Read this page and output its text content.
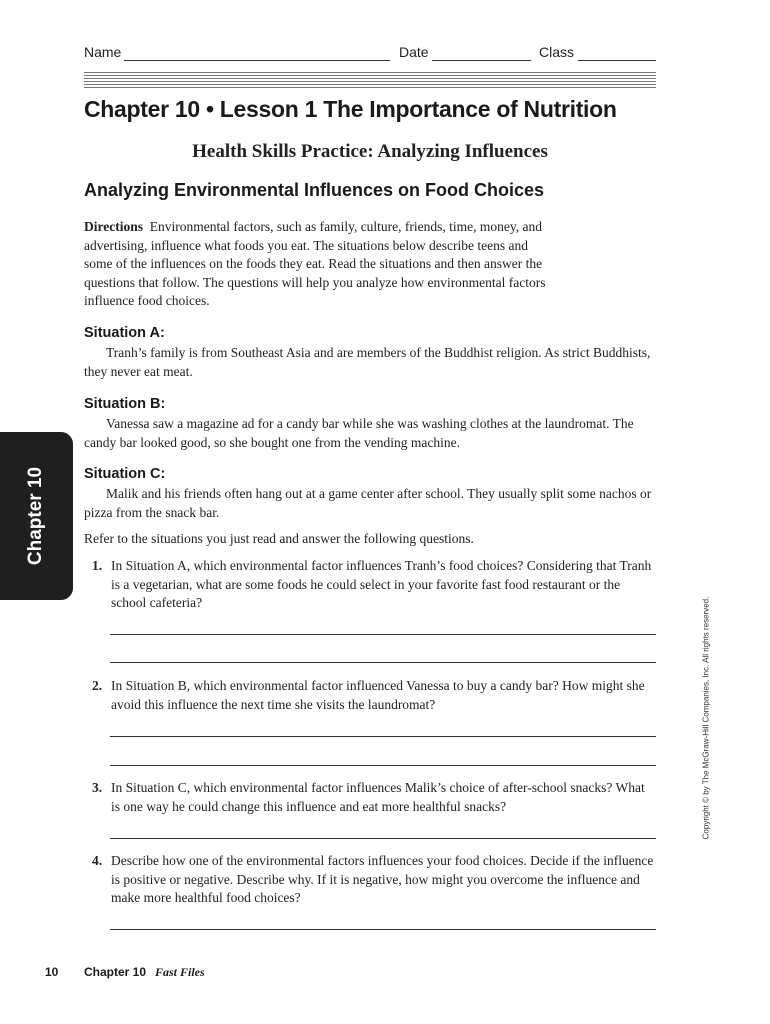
Name	Date	Class
Chapter 10 • Lesson 1 The Importance of Nutrition
Health Skills Practice: Analyzing Influences
Analyzing Environmental Influences on Food Choices
Directions Environmental factors, such as family, culture, friends, time, money, and advertising, influence what foods you eat. The situations below describe teens and some of the influences on the foods they eat. Read the situations and then answer the questions that follow. The questions will help you analyze how environmental factors influence food choices.
Situation A:
Tranh’s family is from Southeast Asia and are members of the Buddhist religion. As strict Buddhists, they never eat meat.
Situation B:
Vanessa saw a magazine ad for a candy bar while she was washing clothes at the laundromat. The candy bar looked good, so she bought one from the vending machine.
Situation C:
Malik and his friends often hang out at a game center after school. They usually split some nachos or pizza from the snack bar.
Refer to the situations you just read and answer the following questions.
1. In Situation A, which environmental factor influences Tranh’s food choices? Considering that Tranh is a vegetarian, what are some foods he could select in your favorite fast food restaurant or the school cafeteria?
2. In Situation B, which environmental factor influenced Vanessa to buy a candy bar? How might she avoid this influence the next time she visits the laundromat?
3. In Situation C, which environmental factor influences Malik’s choice of after-school snacks? What is one way he could change this influence and eat more healthful snacks?
4. Describe how one of the environmental factors influences your food choices. Decide if the influence is positive or negative. Describe why. If it is negative, how might you overcome the influence and make more healthful food choices?
Chapter 10
Copyright © by The McGraw-Hill Companies, Inc. All rights reserved.
10 Chapter 10 Fast Files
